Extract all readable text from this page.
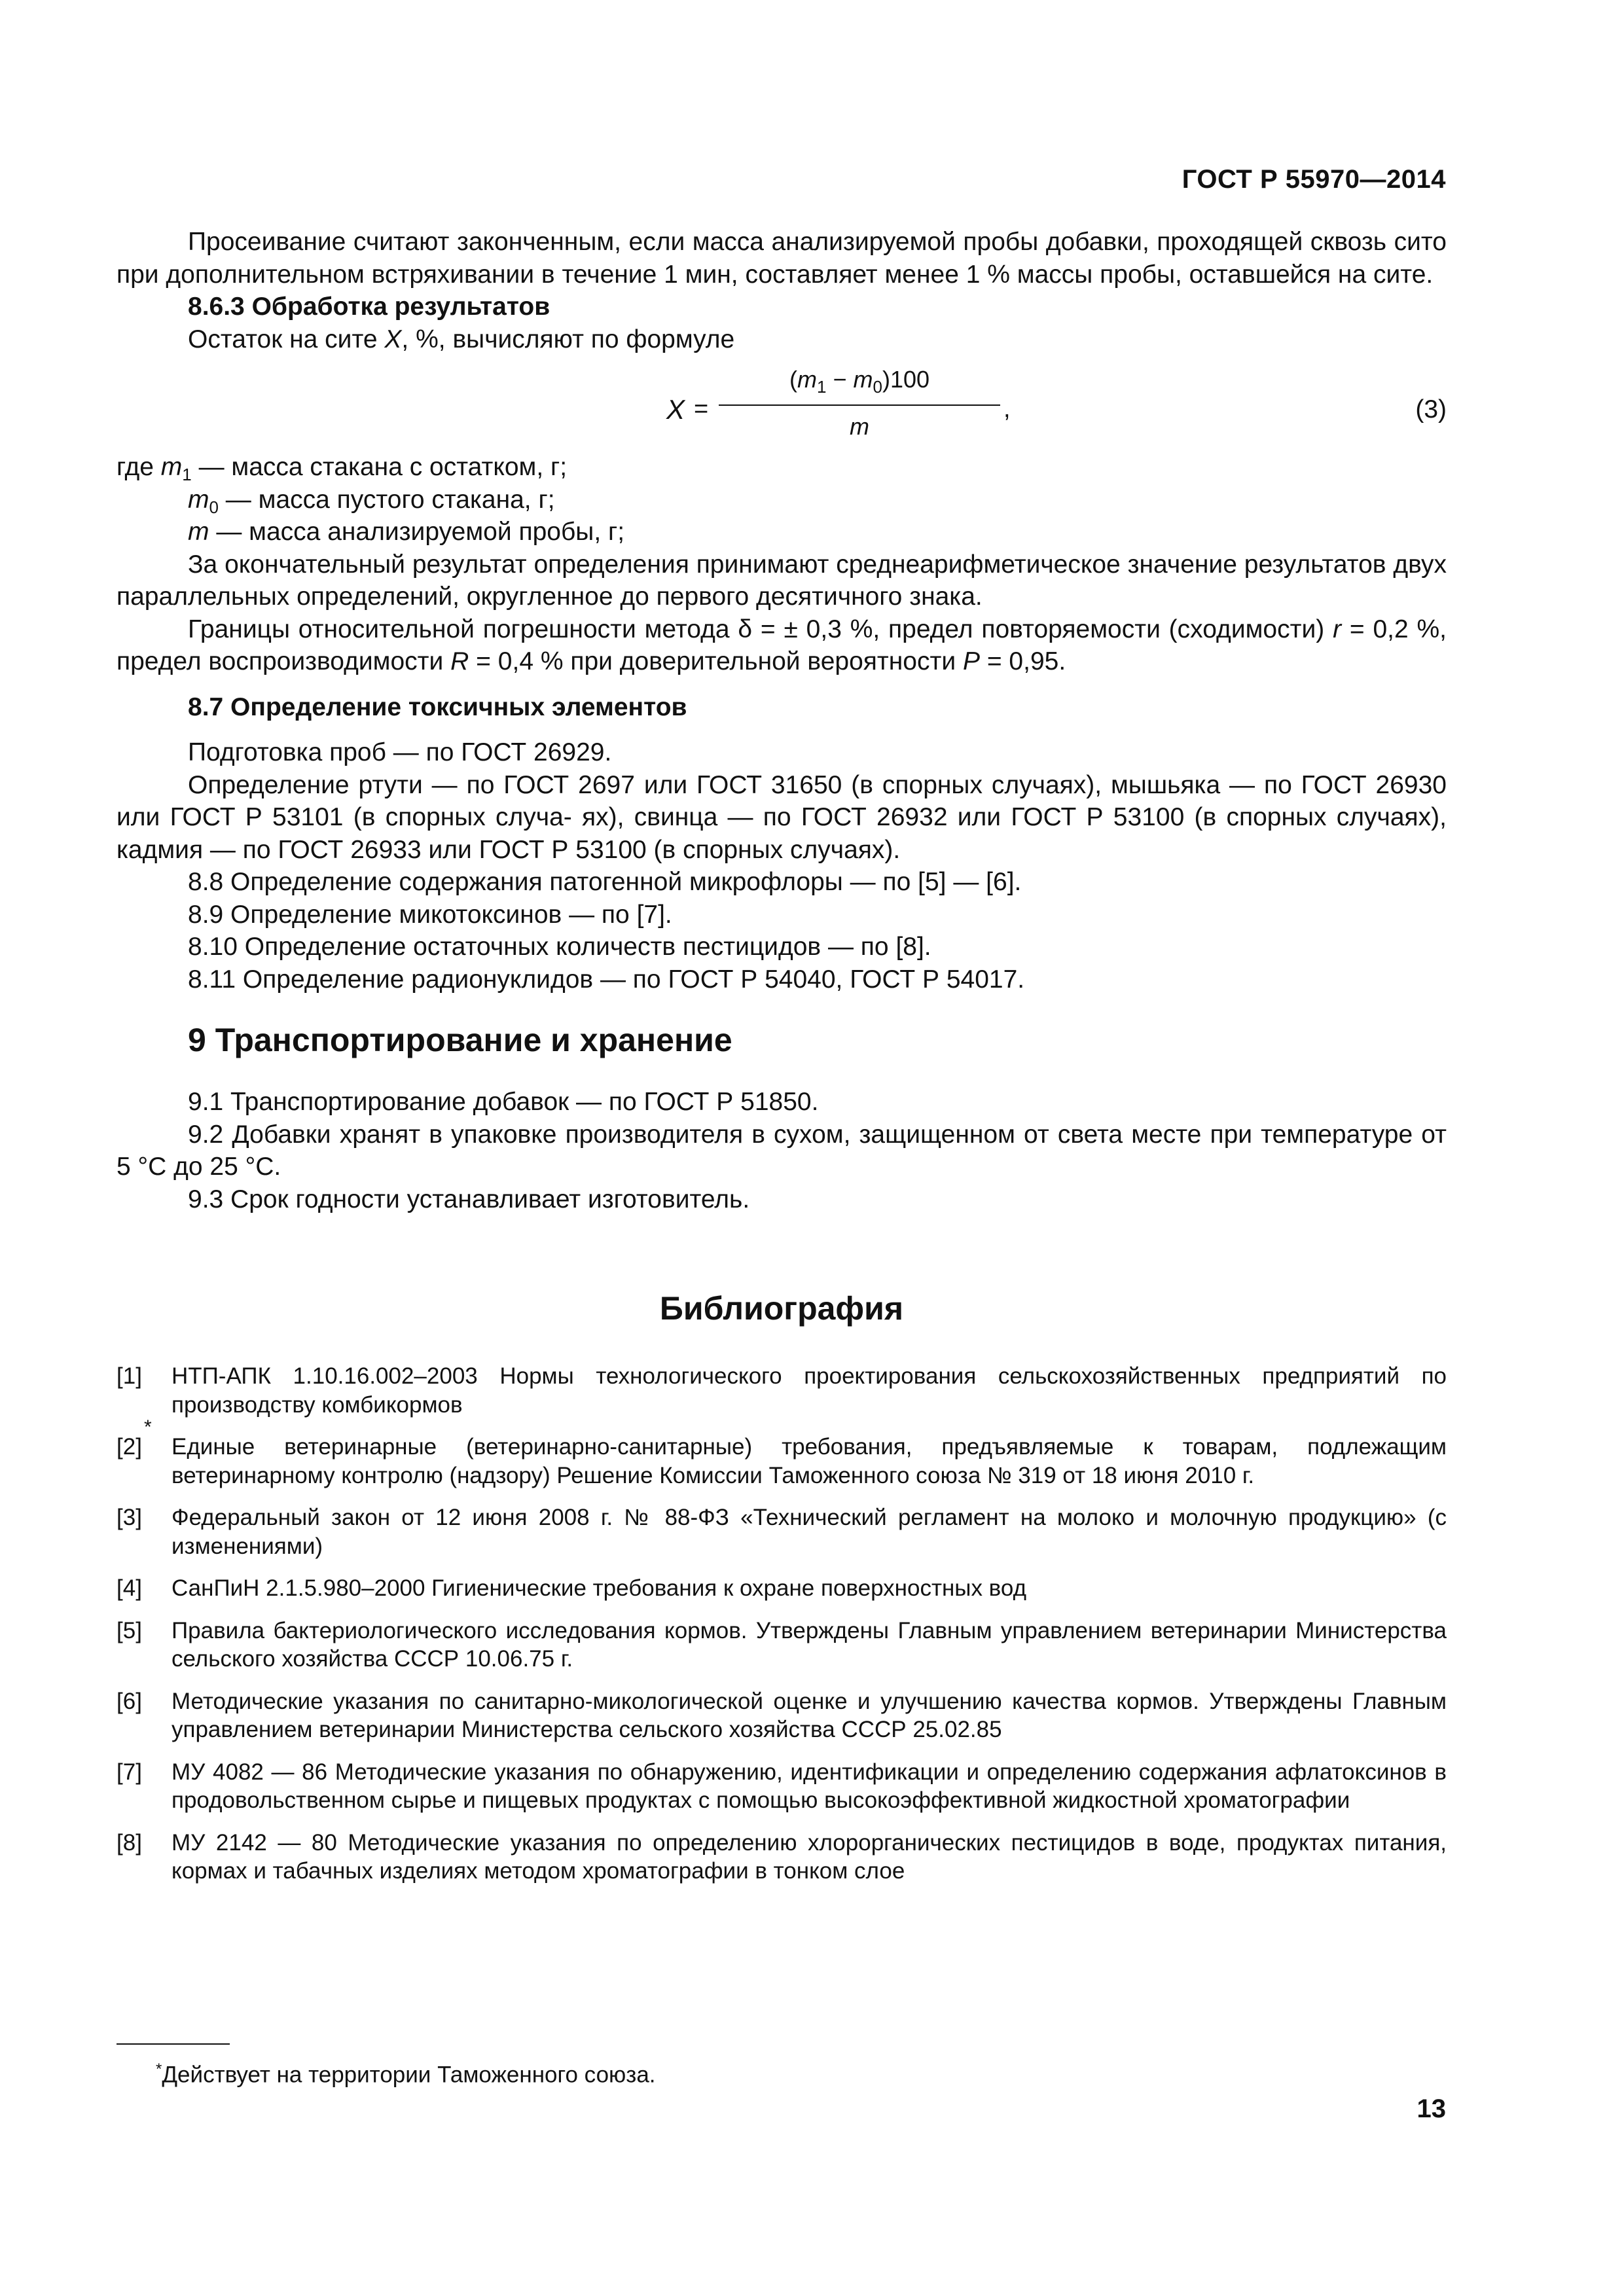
ГОСТ Р 55970—2014
Просеивание считают законченным, если масса анализируемой пробы добавки, проходящей сквозь сито при дополнительном встряхивании в течение 1 мин, составляет менее 1 % массы пробы, оставшейся на сите.
8.6.3 Обработка результатов
Остаток на сите X, %, вычисляют по формуле
X =
$(m_1 - m_0)100$
m
,	(3)
где $m_1$ — масса стакана с остатком, г;
$m_0$ — масса пустого стакана, г;
m — масса анализируемой пробы, г;
За окончательный результат определения принимают среднеарифметическое значение результатов двух параллельных определений, округленное до первого десятичного знака.
Границы относительной погрешности метода δ = ± 0,3 %, предел повторяемости (сходимости) r = 0,2 %, предел воспроизводимости R = 0,4 % при доверительной вероятности P = 0,95.
8.7 Определение токсичных элементов
Подготовка проб — по ГОСТ 26929.
Определение ртути — по ГОСТ 2697 или ГОСТ 31650 (в спорных случаях), мышьяка — по ГОСТ 26930 или ГОСТ Р 53101 (в спорных случа- ях), свинца — по ГОСТ 26932 или ГОСТ Р 53100 (в спорных случаях), кадмия — по ГОСТ 26933 или ГОСТ Р 53100 (в спорных случаях).
8.8 Определение содержания патогенной микрофлоры — по [5] — [6].
8.9 Определение микотоксинов — по [7].
8.10 Определение остаточных количеств пестицидов — по [8].
8.11 Определение радионуклидов — по ГОСТ Р 54040, ГОСТ Р 54017.
9 Транспортирование и хранение
9.1 Транспортирование добавок — по ГОСТ Р 51850.
9.2 Добавки хранят в упаковке производителя в сухом, защищенном от света месте при температуре от 5 °С до 25 °С.
9.3 Срок годности устанавливает изготовитель.
Библиография
[1] НТП-АПК 1.10.16.002–2003 Нормы технологического проектирования сельскохозяйственных предприятий по производству комбикормов
*
[2] Единые ветеринарные (ветеринарно-санитарные) требования, предъявляемые к товарам, подлежащим ветеринарному контролю (надзору) Решение Комиссии Таможенного союза № 319 от 18 июня 2010 г.
[3] Федеральный закон от 12 июня 2008 г. № 88-ФЗ «Технический регламент на молоко и молочную продукцию» (с изменениями)
[4] СанПиН 2.1.5.980–2000 Гигиенические требования к охране поверхностных вод
[5] Правила бактериологического исследования кормов. Утверждены Главным управлением ветеринарии Министерства сельского хозяйства СССР 10.06.75 г.
[6] Методические указания по санитарно-микологической оценке и улучшению качества кормов. Утверждены Главным управлением ветеринарии Министерства сельского хозяйства СССР 25.02.85
[7] МУ 4082 — 86 Методические указания по обнаружению, идентификации и определению содержания афлатоксинов в продовольственном сырье и пищевых продуктах с помощью высокоэффективной жидкостной хроматографии
[8] МУ 2142 — 80 Методические указания по определению хлорорганических пестицидов в воде, продуктах питания, кормах и табачных изделиях методом хроматографии в тонком слое
*Действует на территории Таможенного союза.
13
